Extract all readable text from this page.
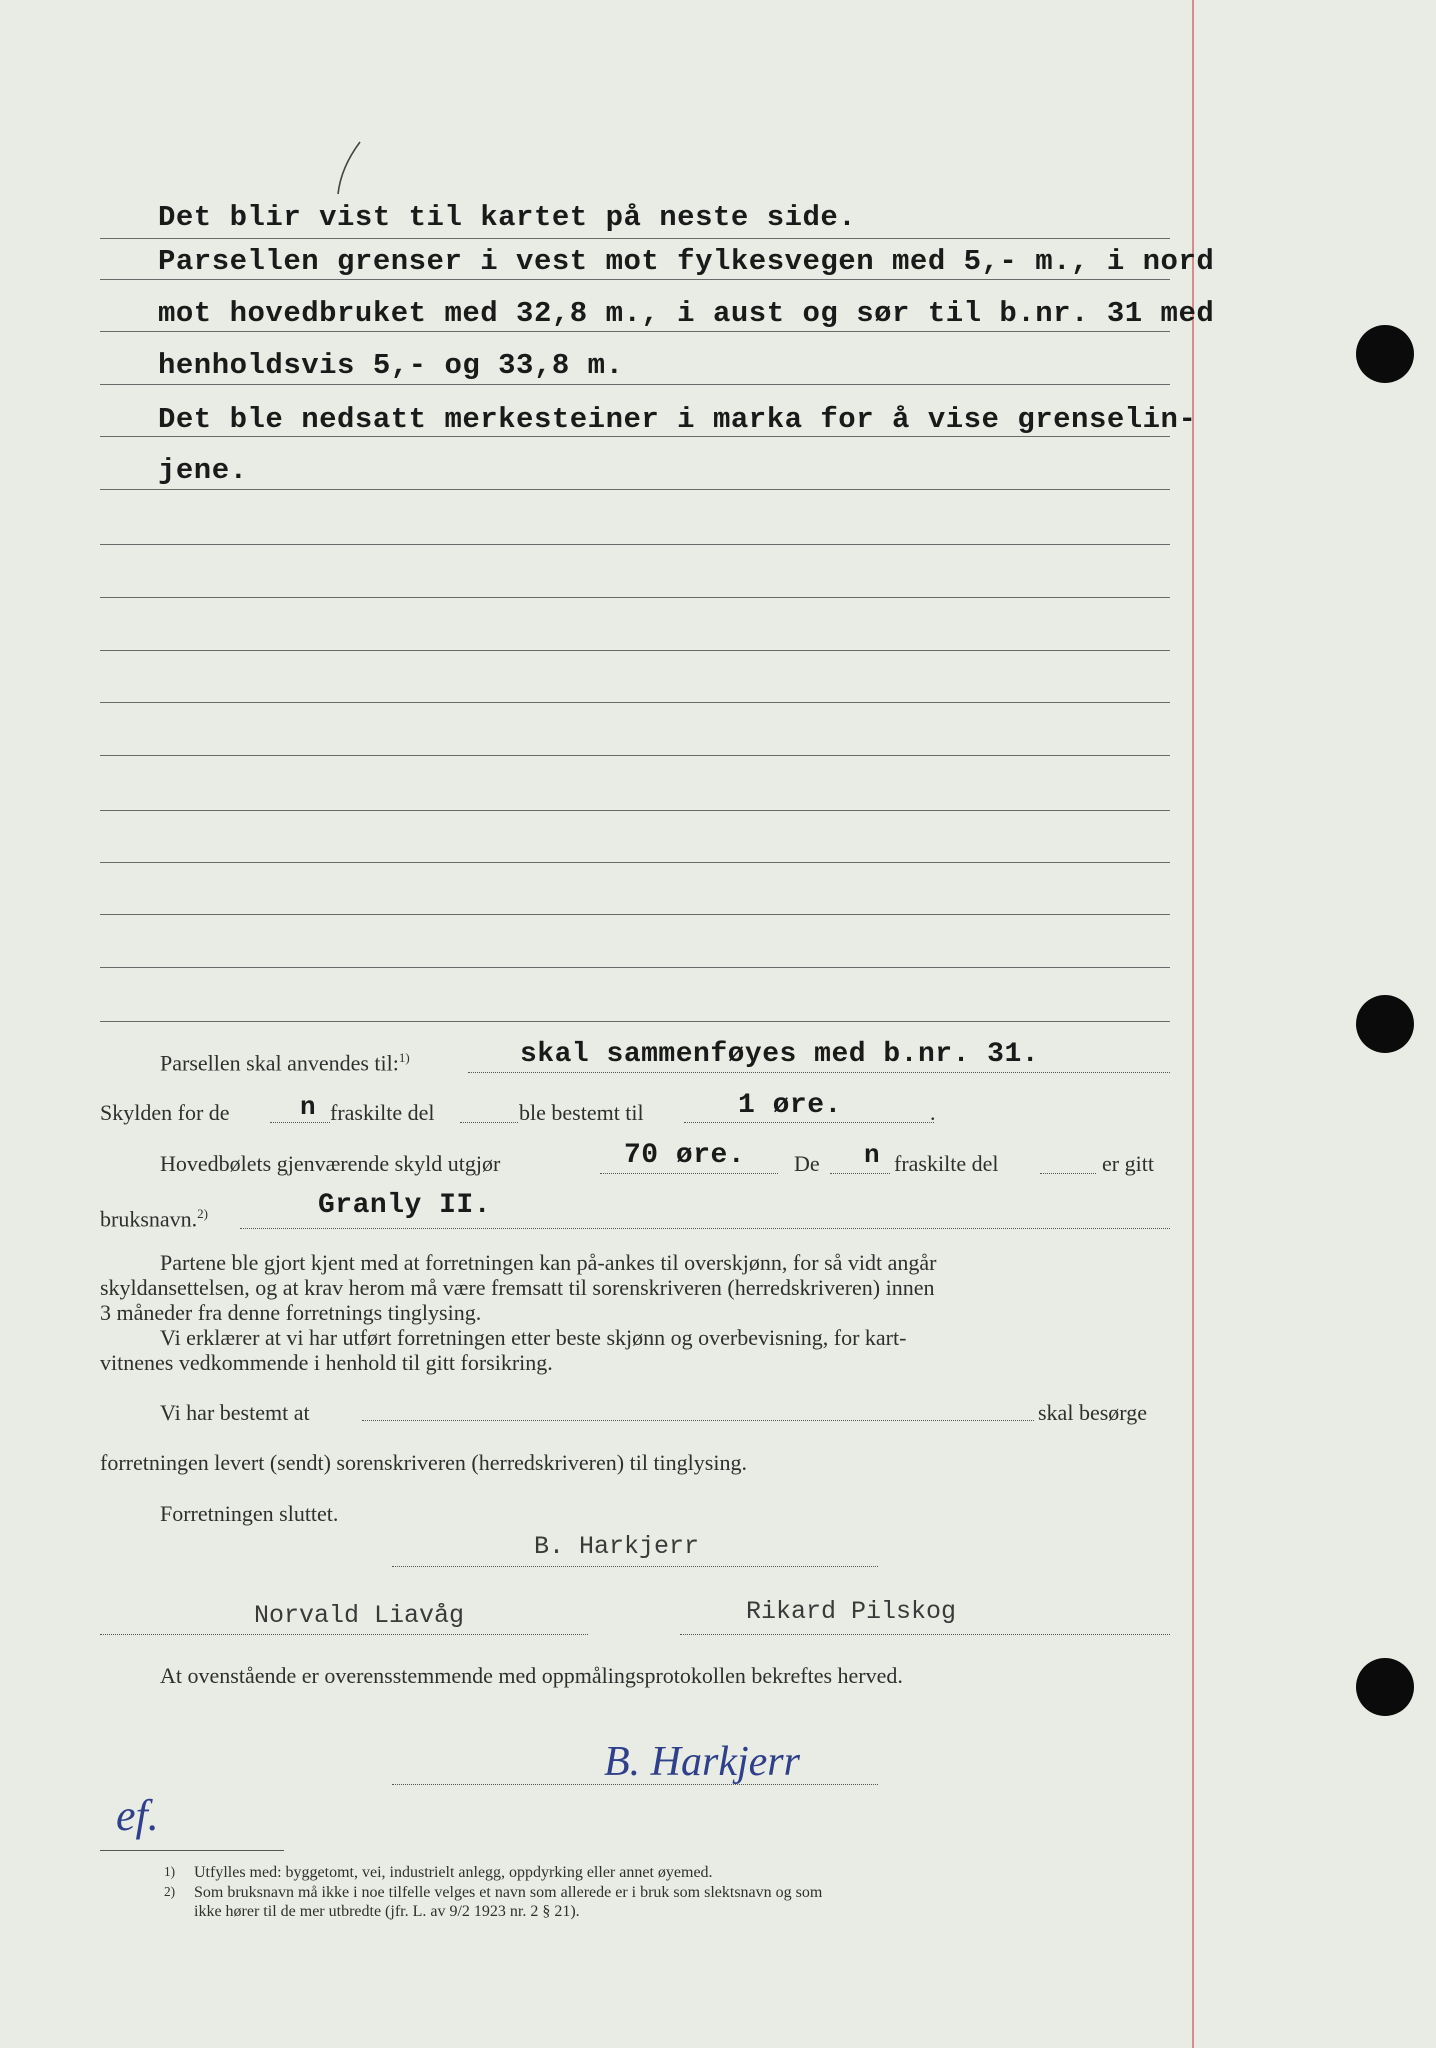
Det blir vist til kartet på neste side.
Parsellen grenser i vest mot fylkesvegen med 5,- m., i nord
mot hovedbruket med 32,8 m., i aust og sør til b.nr. 31 med
henholdsvis 5,- og 33,8 m.
Det ble nedsatt merkesteiner i marka for å vise grenselin-
jene.
Parsellen skal anvendes til:$^{1)}$	skal sammenføyes med b.nr. 31.
Skylden for de	n fraskilte del	ble bestemt til	1 øre.	.
Hovedbølets gjenværende skyld utgjør	70 øre. De n fraskilte del	er gitt
bruksnavn.$^{2)}$	Granly II.
Partene ble gjort kjent med at forretningen kan på-ankes til overskjønn, for så vidt angår
skyldansettelsen, og at krav herom må være fremsatt til sorenskriveren (herredskriveren) innen
3 måneder fra denne forretnings tinglysing.
Vi erklærer at vi har utført forretningen etter beste skjønn og overbevisning, for kart-
vitnenes vedkommende i henhold til gitt forsikring.
Vi har bestemt at	skal besørge
forretningen levert (sendt) sorenskriveren (herredskriveren) til tinglysing.
Forretningen sluttet.
B. Harkjerr
Norvald Liavåg	Rikard Pilskog
At ovenstående er overensstemmende med oppmålingsprotokollen bekreftes herved.
B. Harkjerr
ef.
$^{1)}$ Utfylles med: byggetomt, vei, industrielt anlegg, oppdyrking eller annet øyemed.
$^{2)}$ Som bruksnavn må ikke i noe tilfelle velges et navn som allerede er i bruk som slektsnavn og som
ikke hører til de mer utbredte (jfr. L. av 9/2 1923 nr. 2 § 21).
